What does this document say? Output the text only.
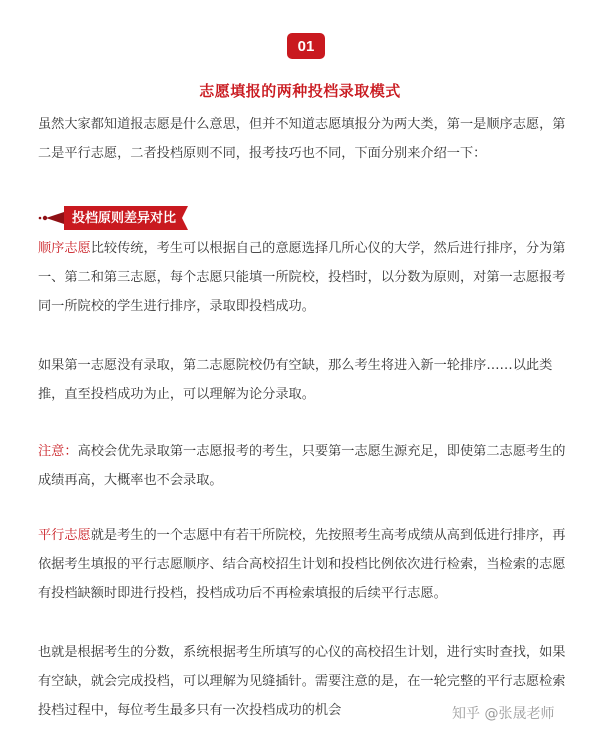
01
志愿填报的两种投档录取模式

虽然大家都知道报志愿是什么意思，但并不知道志愿填报分为两大类，第一是顺序志愿，第二是平行志愿，二者投档原则不同，报考技巧也不同，下面分别来介绍一下：

投档原则差异对比

顺序志愿比较传统，考生可以根据自己的意愿选择几所心仪的大学，然后进行排序，分为第一、第二和第三志愿，每个志愿只能填一所院校，投档时，以分数为原则，对第一志愿报考同一所院校的学生进行排序，录取即投档成功。

如果第一志愿没有录取，第二志愿院校仍有空缺，那么考生将进入新一轮排序……以此类推，直至投档成功为止，可以理解为论分录取。

注意：高校会优先录取第一志愿报考的考生，只要第一志愿生源充足，即使第二志愿考生的成绩再高，大概率也不会录取。

平行志愿就是考生的一个志愿中有若干所院校，先按照考生高考成绩从高到低进行排序，再依据考生填报的平行志愿顺序、结合高校招生计划和投档比例依次进行检索，当检索的志愿有投档缺额时即进行投档，投档成功后不再检索填报的后续平行志愿。

也就是根据考生的分数，系统根据考生所填写的心仪的高校招生计划，进行实时查找，如果有空缺，就会完成投档，可以理解为见缝插针。需要注意的是，在一轮完整的平行志愿检索投档过程中，每位考生最多只有一次投档成功的机会	知乎 @张晟老师
